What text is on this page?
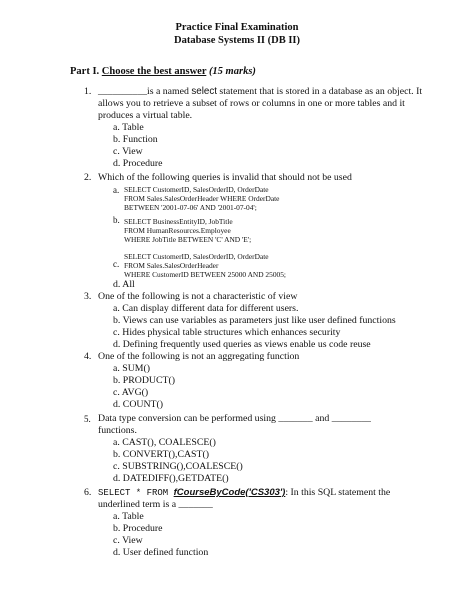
Practice Final Examination
Database Systems II (DB II)
Part I. Choose the best answer (15 marks)
1. __________is a named select statement that is stored in a database as an object. It
allows you to retrieve a subset of rows or columns in one or more tables and it
produces a virtual table.
a. Table
b. Function
c. View
d. Procedure
2. Which of the following queries is invalid that should not be used
a. SELECT CustomerID, SalesOrderID, OrderDate
FROM Sales.SalesOrderHeader WHERE OrderDate
BETWEEN '2001-07-06' AND '2001-07-04';
b. SELECT BusinessEntityID, JobTitle
FROM HumanResources.Employee
WHERE JobTitle BETWEEN 'C' AND 'E';
c.
SELECT CustomerID, SalesOrderID, OrderDate
FROM Sales.SalesOrderHeader
WHERE CustomerID BETWEEN 25000 AND 25005;
d. All
3. One of the following is not a characteristic of view
a. Can display different data for different users.
b. Views can use variables as parameters just like user defined functions
c. Hides physical table structures which enhances security
d. Defining frequently used queries as views enable us code reuse
4. One of the following is not an aggregating function
a. SUM()
b. PRODUCT()
c. AVG()
d. COUNT()
5. Data type conversion can be performed using _______ and ________
functions.
a. CAST(), COALESCE()
b. CONVERT(),CAST()
c. SUBSTRING(),COALESCE()
d. DATEDIFF(),GETDATE()
6. SELECT * FROM fCourseByCode('CS303'): In this SQL statement the
underlined term is a _______
a. Table
b. Procedure
c. View
d. User defined function
